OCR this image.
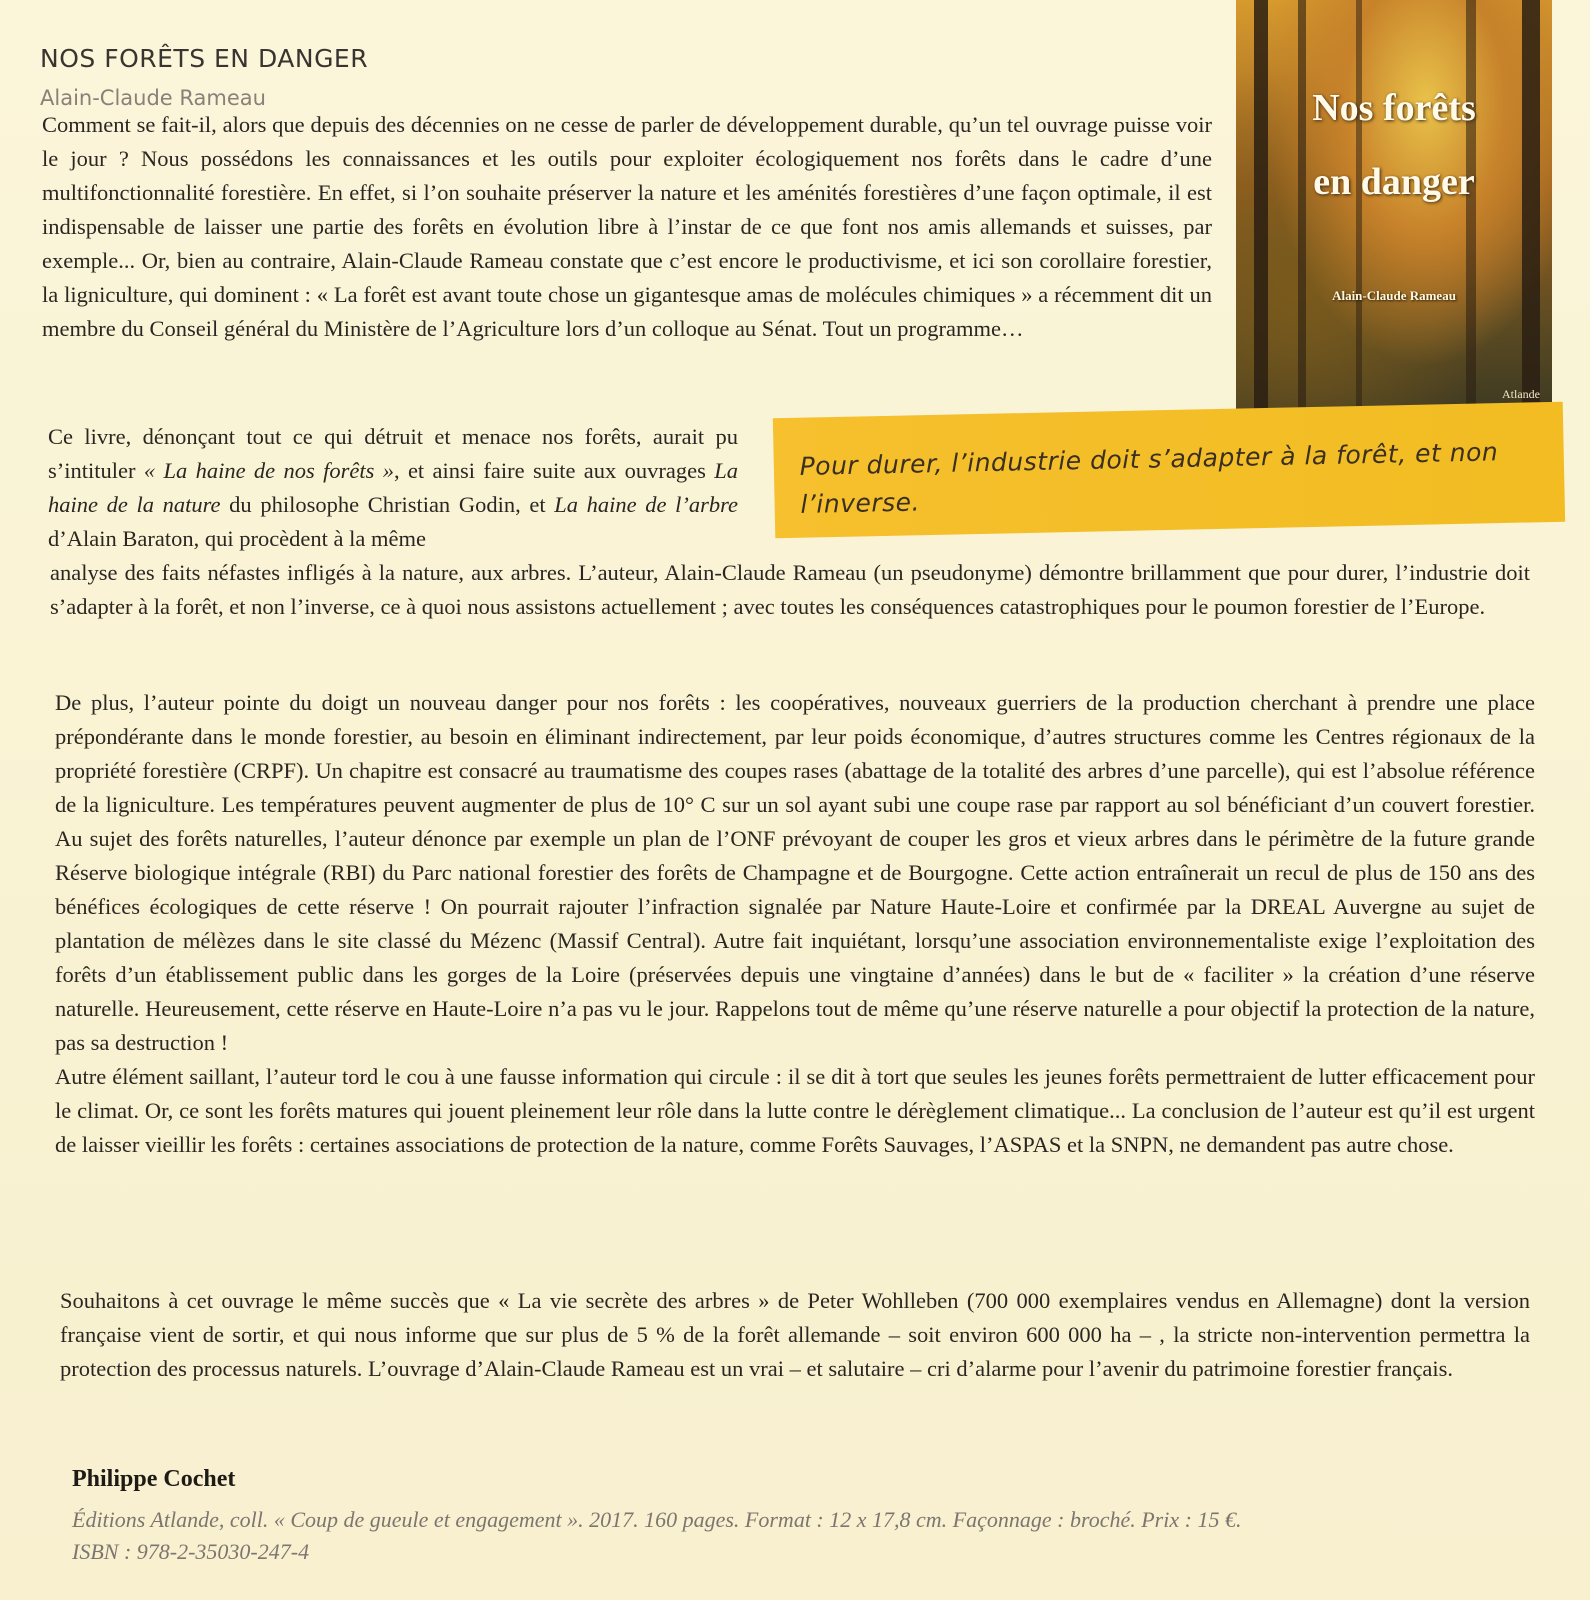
NOS FORÊTS EN DANGER
Alain-Claude Rameau
Comment se fait-il, alors que depuis des décennies on ne cesse de parler de développement durable, qu’un tel ouvrage puisse voir le jour ? Nous possédons les connaissances et les outils pour exploiter écologiquement nos forêts dans le cadre d’une multifonctionnalité forestière. En effet, si l’on souhaite préserver la nature et les aménités forestières d’une façon optimale, il est indispensable de laisser une partie des forêts en évolution libre à l’instar de ce que font nos amis allemands et suisses, par exemple... Or, bien au contraire, Alain-Claude Rameau constate que c’est encore le productivisme, et ici son corollaire forestier, la ligniculture, qui dominent : « La forêt est avant toute chose un gigantesque amas de molécules chimiques » a récemment dit un membre du Conseil général du Ministère de l’Agriculture lors d’un colloque au Sénat. Tout un programme…
Nos forêts
en danger
Alain-Claude Rameau
Atlande
Pour durer, l’industrie doit s’adapter à la forêt, et non l’inverse.
Ce livre, dénonçant tout ce qui détruit et menace nos forêts, aurait pu s’intituler « La haine de nos forêts », et ainsi faire suite aux ouvrages La haine de la nature du philosophe Christian Godin, et La haine de l’arbre d’Alain Baraton, qui procèdent à la même
analyse des faits néfastes infligés à la nature, aux arbres. L’auteur, Alain-Claude Rameau (un pseudonyme) démontre brillamment que pour durer, l’industrie doit s’adapter à la forêt, et non l’inverse, ce à quoi nous assistons actuellement ; avec toutes les conséquences catastrophiques pour le poumon forestier de l’Europe.
De plus, l’auteur pointe du doigt un nouveau danger pour nos forêts : les coopératives, nouveaux guerriers de la production cherchant à prendre une place prépondérante dans le monde forestier, au besoin en éliminant indirectement, par leur poids économique, d’autres structures comme les Centres régionaux de la propriété forestière (CRPF). Un chapitre est consacré au traumatisme des coupes rases (abattage de la totalité des arbres d’une parcelle), qui est l’absolue référence de la ligniculture. Les températures peuvent augmenter de plus de 10° C sur un sol ayant subi une coupe rase par rapport au sol bénéficiant d’un couvert forestier. Au sujet des forêts naturelles, l’auteur dénonce par exemple un plan de l’ONF prévoyant de couper les gros et vieux arbres dans le périmètre de la future grande Réserve biologique intégrale (RBI) du Parc national forestier des forêts de Champagne et de Bourgogne. Cette action entraînerait un recul de plus de 150 ans des bénéfices écologiques de cette réserve ! On pourrait rajouter l’infraction signalée par Nature Haute-Loire et confirmée par la DREAL Auvergne au sujet de plantation de mélèzes dans le site classé du Mézenc (Massif Central). Autre fait inquiétant, lorsqu’une association environnementaliste exige l’exploitation des forêts d’un établissement public dans les gorges de la Loire (préservées depuis une vingtaine d’années) dans le but de « faciliter » la création d’une réserve naturelle. Heureusement, cette réserve en Haute-Loire n’a pas vu le jour. Rappelons tout de même qu’une réserve naturelle a pour objectif la protection de la nature, pas sa destruction !
Autre élément saillant, l’auteur tord le cou à une fausse information qui circule : il se dit à tort que seules les jeunes forêts permettraient de lutter efficacement pour le climat. Or, ce sont les forêts matures qui jouent pleinement leur rôle dans la lutte contre le dérèglement climatique... La conclusion de l’auteur est qu’il est urgent de laisser vieillir les forêts : certaines associations de protection de la nature, comme Forêts Sauvages, l’ASPAS et la SNPN, ne demandent pas autre chose.
Souhaitons à cet ouvrage le même succès que « La vie secrète des arbres » de Peter Wohlleben (700 000 exemplaires vendus en Allemagne) dont la version française vient de sortir, et qui nous informe que sur plus de 5 % de la forêt allemande – soit environ 600 000 ha – , la stricte non-intervention permettra la protection des processus naturels. L’ouvrage d’Alain-Claude Rameau est un vrai – et salutaire – cri d’alarme pour l’avenir du patrimoine forestier français.
Philippe Cochet
Éditions Atlande, coll. « Coup de gueule et engagement ». 2017. 160 pages. Format : 12 x 17,8 cm. Façonnage : broché. Prix : 15 €.
ISBN : 978-2-35030-247-4
